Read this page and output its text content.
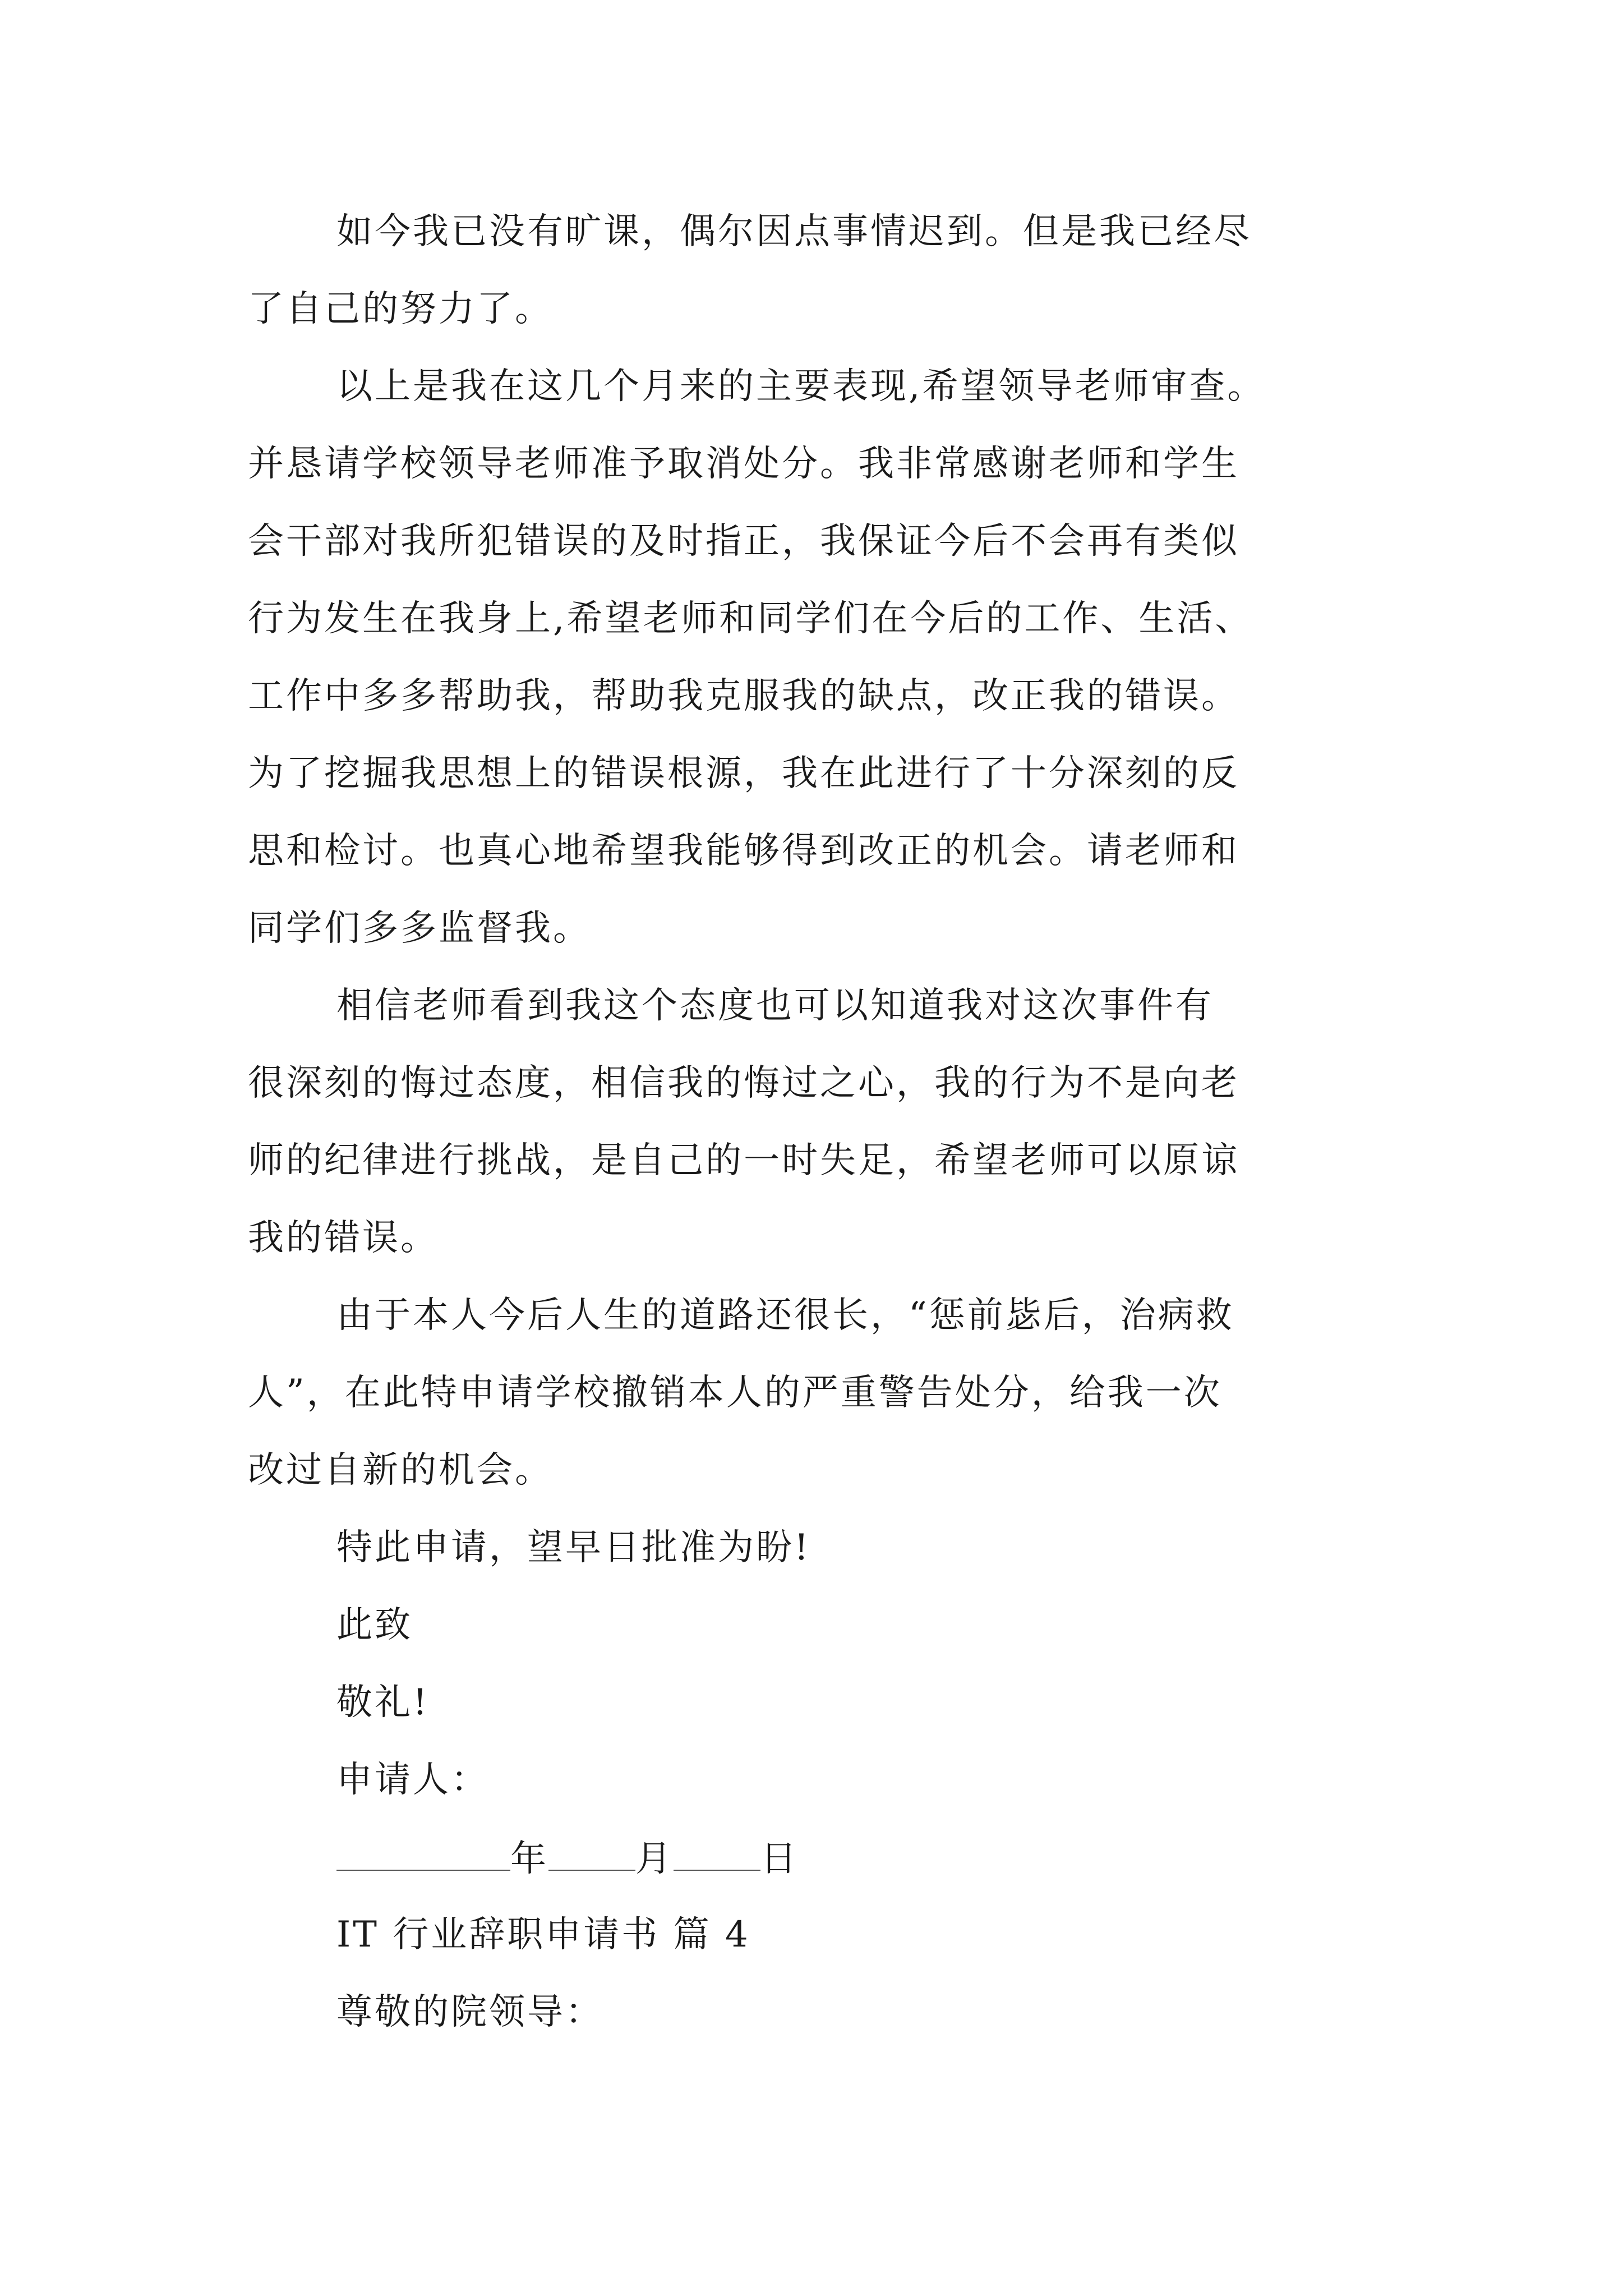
如今我已没有旷课，偶尔因点事情迟到。但是我已经尽
了自己的努力了。
以上是我在这几个月来的主要表现,希望领导老师审查。
并恳请学校领导老师准予取消处分。我非常感谢老师和学生
会干部对我所犯错误的及时指正，我保证今后不会再有类似
行为发生在我身上,希望老师和同学们在今后的工作、生活、
工作中多多帮助我，帮助我克服我的缺点，改正我的错误。
为了挖掘我思想上的错误根源，我在此进行了十分深刻的反
思和检讨。也真心地希望我能够得到改正的机会。请老师和
同学们多多监督我。
相信老师看到我这个态度也可以知道我对这次事件有
很深刻的悔过态度，相信我的悔过之心，我的行为不是向老
师的纪律进行挑战，是自己的一时失足，希望老师可以原谅
我的错误。
由于本人今后人生的道路还很长，“惩前毖后，治病救
人”，在此特申请学校撤销本人的严重警告处分，给我一次
改过自新的机会。
特此申请，望早日批准为盼!
此致
敬礼!
申请人：
年 月 日
IT 行业辞职申请书 篇 4
尊敬的院领导：
